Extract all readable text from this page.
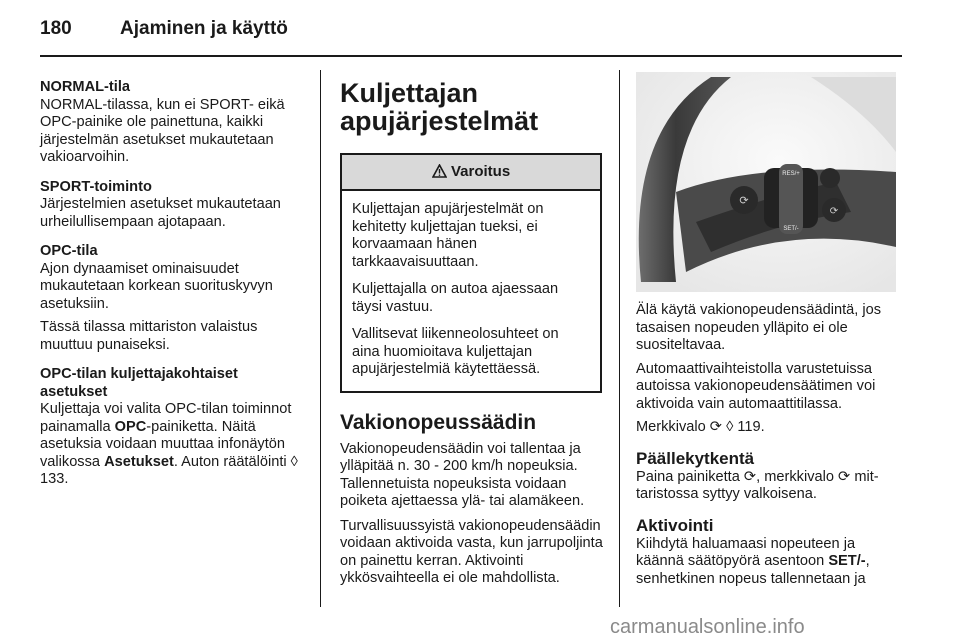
180	Ajaminen ja käyttö

NORMAL-tila
NORMAL-tilassa, kun ei SPORT- eikä OPC-painike ole painettuna, kaikki järjestelmän asetukset mukautetaan vakioarvoihin.

SPORT-toiminto
Järjestelmien asetukset mukautetaan urheilullisempaan ajotapaan.

OPC-tila
Ajon dynaamiset ominaisuudet mukautetaan korkean suorituskyvyn asetuksiin.

Tässä tilassa mittariston valaistus muuttuu punaiseksi.

OPC-tilan kuljettajakohtaiset asetukset
Kuljettaja voi valita OPC-tilan toiminnot painamalla OPC-painiketta. Näitä asetuksia voidaan muuttaa infonäytön valikossa Asetukset. Auton räätälöinti ◊ 133.

Kuljettajan apujärjestelmät
Varoitus

Kuljettajan apujärjestelmät on kehitetty kuljettajan tueksi, ei korvaamaan hänen tarkkaavaisuuttaan.

Kuljettajalla on autoa ajaessaan täysi vastuu.

Vallitsevat liikenneolosuhteet on aina huomioitava kuljettajan apujärjestelmiä käytettäessä.

Vakionopeussäädin

Vakionopeudensäädin voi tallentaa ja ylläpitää n. 30 - 200 km/h nopeuksia. Tallennetuista nopeuksista voidaan poiketa ajettaessa ylä- tai alamäkeen.

Turvallisuussyistä vakionopeudensäädin voidaan aktivoida vasta, kun jarrupoljinta on painettu kerran. Aktivointi ykkösvaihteella ei ole mahdollista.

RES/+
SET/-
⟳
⟳

Älä käytä vakionopeudensäädintä, jos tasaisen nopeuden ylläpito ei ole suositeltavaa.

Automaattivaihteistolla varustetuissa autoissa vakionopeudensäätimen voi aktivoida vain automaattitilassa.

Merkkivalo ⟳ ◊ 119.

Päällekytkentä

Paina painiketta ⟳, merkkivalo ⟳ mittaristossa syttyy valkoisena.

Aktivointi

Kiihdytä haluamaasi nopeuteen ja käännä säätöpyörä asentoon SET/-, senhetkinen nopeus tallennetaan ja

carmanualsonline.info
